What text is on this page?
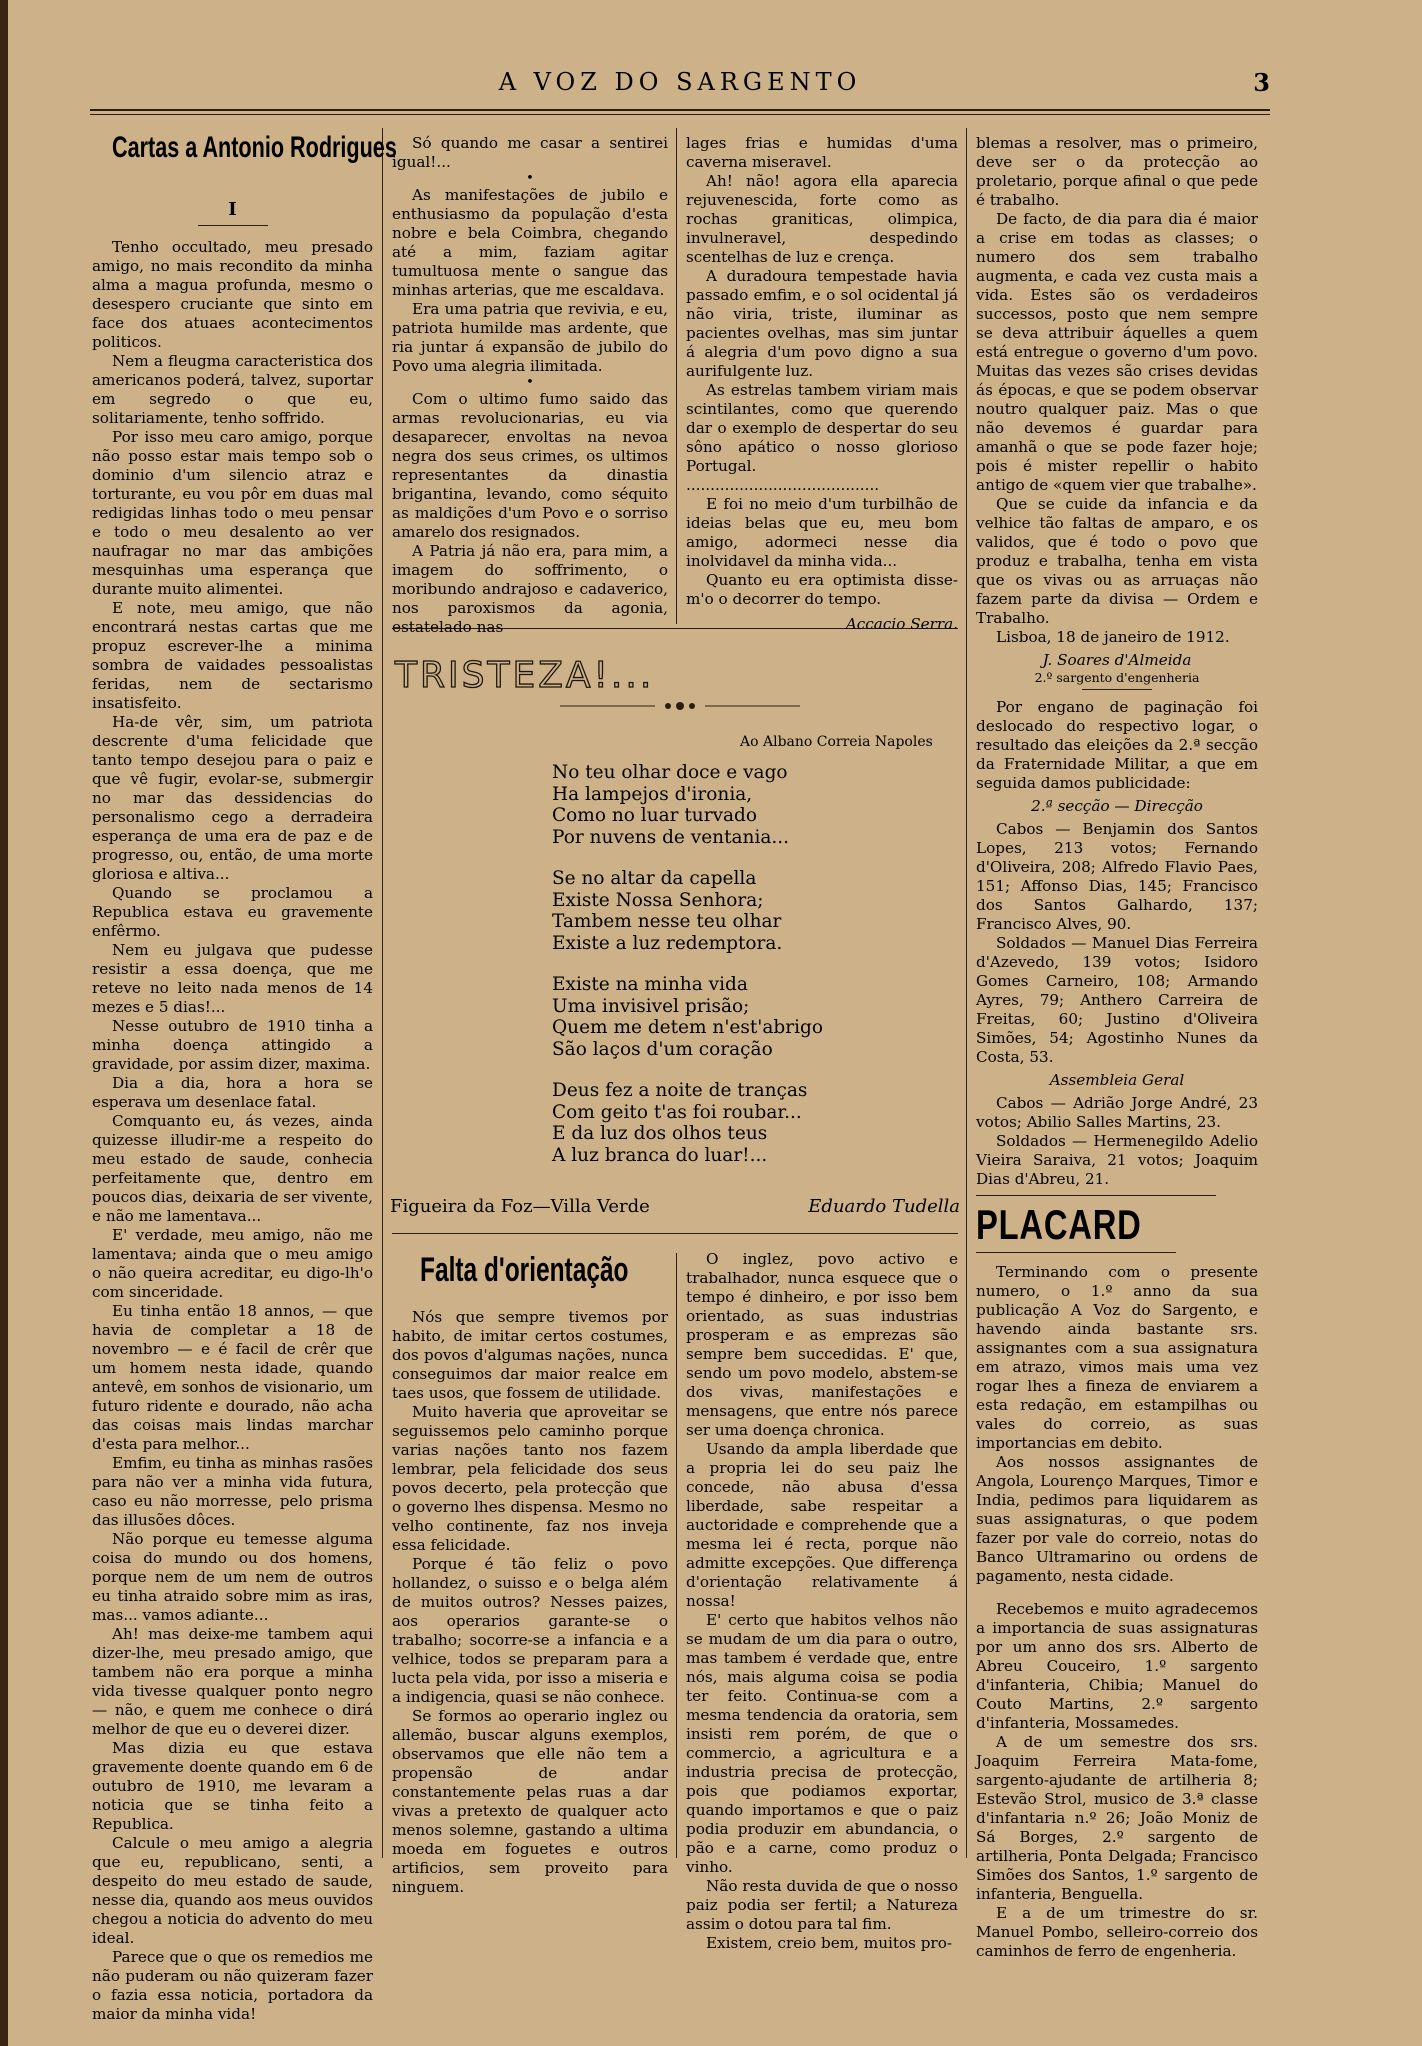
A VOZ DO SARGENTO	3
Cartas a Antonio Rodrigues
I

Tenho occultado, meu presado amigo, no mais recondito da minha alma a magua profunda, mesmo o desespero cruciante que sinto em face dos atuaes acontecimentos politicos.

Nem a fleugma caracteristica dos americanos poderá, talvez, suportar em segredo o que eu, solitariamente, tenho soffrido.

Por isso meu caro amigo, porque não posso estar mais tempo sob o dominio d'um silencio atraz e torturante, eu vou pôr em duas mal redigidas linhas todo o meu pensar e todo o meu desalento ao ver naufragar no mar das ambições mesquinhas uma esperança que durante muito alimentei.

E note, meu amigo, que não encontrará nestas cartas que me propuz escrever-lhe a minima sombra de vaidades pessoalistas feridas, nem de sectarismo insatisfeito.

Ha-de vêr, sim, um patriota descrente d'uma felicidade que tanto tempo desejou para o paiz e que vê fugir, evolar-se, submergir no mar das dessidencias do personalismo cego a derradeira esperança de uma era de paz e de progresso, ou, então, de uma morte gloriosa e altiva...

Quando se proclamou a Republica estava eu gravemente enfêrmo.

Nem eu julgava que pudesse resistir a essa doença, que me reteve no leito nada menos de 14 mezes e 5 dias!...

Nesse outubro de 1910 tinha a minha doença attingido a gravidade, por assim dizer, maxima.

Dia a dia, hora a hora se esperava um desenlace fatal.

Comquanto eu, ás vezes, ainda quizesse illudir-me a respeito do meu estado de saude, conhecia perfeitamente que, dentro em poucos dias, deixaria de ser vivente, e não me lamentava...

E' verdade, meu amigo, não me lamentava; ainda que o meu amigo o não queira acreditar, eu digo-lh'o com sinceridade.

Eu tinha então 18 annos, — que havia de completar a 18 de novembro — e é facil de crêr que um homem nesta idade, quando antevê, em sonhos de visionario, um futuro ridente e dourado, não acha das coisas mais lindas marchar d'esta para melhor...

Emfim, eu tinha as minhas rasões para não ver a minha vida futura, caso eu não morresse, pelo prisma das illusões dôces.

Não porque eu temesse alguma coisa do mundo ou dos homens, porque nem de um nem de outros eu tinha atraido sobre mim as iras, mas... vamos adiante...

Ah! mas deixe-me tambem aqui dizer-lhe, meu presado amigo, que tambem não era porque a minha vida tivesse qualquer ponto negro — não, e quem me conhece o dirá melhor de que eu o deverei dizer.

Mas dizia eu que estava gravemente doente quando em 6 de outubro de 1910, me levaram a noticia que se tinha feito a Republica.

Calcule o meu amigo a alegria que eu, republicano, senti, a despeito do meu estado de saude, nesse dia, quando aos meus ouvidos chegou a noticia do advento do meu ideal.

Parece que o que os remedios me não puderam ou não quizeram fazer o fazia essa noticia, portadora da maior da minha vida!

Só quando me casar a sentirei igual!...

•

As manifestações de jubilo e enthusiasmo da população d'esta nobre e bela Coimbra, chegando até a mim, faziam agitar tumultuosa mente o sangue das minhas arterias, que me escaldava.

Era uma patria que revivia, e eu, patriota humilde mas ardente, que ria juntar á expansão de jubilo do Povo uma alegria ilimitada.

•

Com o ultimo fumo saido das armas revolucionarias, eu via desaparecer, envoltas na nevoa negra dos seus crimes, os ultimos representantes da dinastia brigantina, levando, como séquito as maldições d'um Povo e o sorriso amarelo dos resignados.

A Patria já não era, para mim, a imagem do soffrimento, o moribundo andrajoso e cadaverico, nos paroxismos da agonia, estatelado nas

lages frias e humidas d'uma caverna miseravel.

Ah! não! agora ella aparecia rejuvenescida, forte como as rochas graniticas, olimpica, invulneravel, despedindo scentelhas de luz e crença.

A duradoura tempestade havia passado emfim, e o sol ocidental já não viria, triste, iluminar as pacientes ovelhas, mas sim juntar á alegria d'um povo digno a sua aurifulgente luz.

As estrelas tambem viriam mais scintilantes, como que querendo dar o exemplo de despertar do seu sôno apático o nosso glorioso Portugal.

........................................

E foi no meio d'um turbilhão de ideias belas que eu, meu bom amigo, adormeci nesse dia inolvidavel da minha vida...

Quanto eu era optimista disse-m'o o decorrer do tempo.

Accacio Serra.

TRISTEZA!...
Ao Albano Correia Napoles
No teu olhar doce e vago
Ha lampejos d'ironia,
Como no luar turvado
Por nuvens de ventania...
Se no altar da capella
Existe Nossa Senhora;
Tambem nesse teu olhar
Existe a luz redemptora.
Existe na minha vida
Uma invisivel prisão;
Quem me detem n'est'abrigo
São laços d'um coração
Deus fez a noite de tranças
Com geito t'as foi roubar...
E da luz dos olhos teus
A luz branca do luar!...
Figueira da Foz—Villa Verde	Eduardo Tudella
Falta d'orientação

Nós que sempre tivemos por habito, de imitar certos costumes, dos povos d'algumas nações, nunca conseguimos dar maior realce em taes usos, que fossem de utilidade.

Muito haveria que aproveitar se seguissemos pelo caminho porque varias nações tanto nos fazem lembrar, pela felicidade dos seus povos decerto, pela protecção que o governo lhes dispensa. Mesmo no velho continente, faz nos inveja essa felicidade.

Porque é tão feliz o povo hollandez, o suisso e o belga além de muitos outros? Nesses paizes, aos operarios garante-se o trabalho; socorre-se a infancia e a velhice, todos se preparam para a lucta pela vida, por isso a miseria e a indigencia, quasi se não conhece.

Se formos ao operario inglez ou allemão, buscar alguns exemplos, observamos que elle não tem a propensão de andar constantemente pelas ruas a dar vivas a pretexto de qualquer acto menos solemne, gastando a ultima moeda em foguetes e outros artificios, sem proveito para ninguem.

O inglez, povo activo e trabalhador, nunca esquece que o tempo é dinheiro, e por isso bem orientado, as suas industrias prosperam e as emprezas são sempre bem succedidas. E' que, sendo um povo modelo, abstem-se dos vivas, manifestações e mensagens, que entre nós parece ser uma doença chronica.

Usando da ampla liberdade que a propria lei do seu paiz lhe concede, não abusa d'essa liberdade, sabe respeitar a auctoridade e comprehende que a mesma lei é recta, porque não admitte excepções. Que differença d'orientação relativamente á nossa!

E' certo que habitos velhos não se mudam de um dia para o outro, mas tambem é verdade que, entre nós, mais alguma coisa se podia ter feito. Continua-se com a mesma tendencia da oratoria, sem insisti rem porém, de que o commercio, a agricultura e a industria precisa de protecção, pois que podiamos exportar, quando importamos e que o paiz podia produzir em abundancia, o pão e a carne, como produz o vinho.

Não resta duvida de que o nosso paiz podia ser fertil; a Natureza assim o dotou para tal fim.

Existem, creio bem, muitos pro-

blemas a resolver, mas o primeiro, deve ser o da protecção ao proletario, porque afinal o que pede é trabalho.

De facto, de dia para dia é maior a crise em todas as classes; o numero dos sem trabalho augmenta, e cada vez custa mais a vida. Estes são os verdadeiros successos, posto que nem sempre se deva attribuir áquelles a quem está entregue o governo d'um povo. Muitas das vezes são crises devidas ás épocas, e que se podem observar noutro qualquer paiz. Mas o que não devemos é guardar para amanhã o que se pode fazer hoje; pois é mister repellir o habito antigo de «quem vier que trabalhe».

Que se cuide da infancia e da velhice tão faltas de amparo, e os validos, que é todo o povo que produz e trabalha, tenha em vista que os vivas ou as arruaças não fazem parte da divisa — Ordem e Trabalho.

Lisboa, 18 de janeiro de 1912.

J. Soares d'Almeida

2.º sargento d'engenheria

Por engano de paginação foi deslocado do respectivo logar, o resultado das eleições da 2.ª secção da Fraternidade Militar, a que em seguida damos publicidade:

2.ª secção — Direcção

Cabos — Benjamin dos Santos Lopes, 213 votos; Fernando d'Oliveira, 208; Alfredo Flavio Paes, 151; Affonso Dias, 145; Francisco dos Santos Galhardo, 137; Francisco Alves, 90.

Soldados — Manuel Dias Ferreira d'Azevedo, 139 votos; Isidoro Gomes Carneiro, 108; Armando Ayres, 79; Anthero Carreira de Freitas, 60; Justino d'Oliveira Simões, 54; Agostinho Nunes da Costa, 53.

Assembleia Geral

Cabos — Adrião Jorge André, 23 votos; Abilio Salles Martins, 23.

Soldados — Hermenegildo Adelio Vieira Saraiva, 21 votos; Joaquim Dias d'Abreu, 21.

PLACARD

Terminando com o presente numero, o 1.º anno da sua publicação A Voz do Sargento, e havendo ainda bastante srs. assignantes com a sua assignatura em atrazo, vimos mais uma vez rogar lhes a fineza de enviarem a esta redação, em estampilhas ou vales do correio, as suas importancias em debito.

Aos nossos assignantes de Angola, Lourenço Marques, Timor e India, pedimos para liquidarem as suas assignaturas, o que podem fazer por vale do correio, notas do Banco Ultramarino ou ordens de pagamento, nesta cidade.

Recebemos e muito agradecemos a importancia de suas assignaturas por um anno dos srs. Alberto de Abreu Couceiro, 1.º sargento d'infanteria, Chibia; Manuel do Couto Martins, 2.º sargento d'infanteria, Mossamedes.

A de um semestre dos srs. Joaquim Ferreira Mata-fome, sargento-ajudante de artilheria 8; Estevão Strol, musico de 3.ª classe d'infantaria n.º 26; João Moniz de Sá Borges, 2.º sargento de artilheria, Ponta Delgada; Francisco Simões dos Santos, 1.º sargento de infanteria, Benguella.

E a de um trimestre do sr. Manuel Pombo, selleiro-correio dos caminhos de ferro de engenheria.
